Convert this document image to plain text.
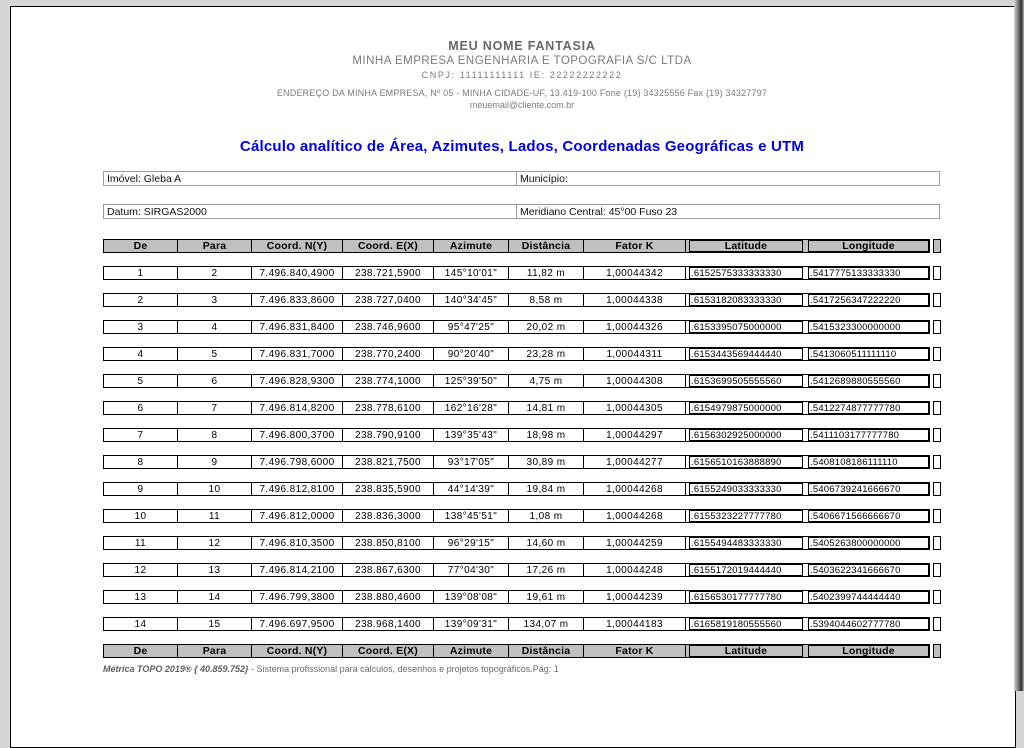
MEU NOME FANTASIA
MINHA EMPRESA ENGENHARIA E TOPOGRAFIA S/C LTDA
CNPJ: 11111111111 IE: 22222222222
ENDEREÇO DA MINHA EMPRESA, Nº 05 - MINHA CIDADE-UF, 13.419-100 Fone (19) 34325556 Fax (19) 34327797
meuemail@cliente.com.br
Cálculo analítico de Área, Azimutes, Lados, Coordenadas Geográficas e UTM
Imóvel: Gleba A	Município:
Datum: SIRGAS2000	Meridiano Central: 45°00 Fuso 23
De	Para	Coord. N(Y)	Coord. E(X)	Azimute	Distância	Fator K	Latitude	Longitude
1	2	7.496.840,4900	238.721,5900	145°10'01"	11,82 m	1,00044342	.6152575333333330	.5417775133333330
2	3	7.496.833,8600	238.727,0400	140°34'45"	8,58 m	1,00044338	.6153182083333330	.5417256347222220
3	4	7.496.831,8400	238.746,9600	95°47'25"	20,02 m	1,00044326	.6153395075000000	.5415323300000000
4	5	7.496.831,7000	238.770,2400	90°20'40"	23,28 m	1,00044311	.6153443569444440	.5413060511111110
5	6	7.496.828,9300	238.774,1000	125°39'50"	4,75 m	1,00044308	.6153699505555560	.5412689880555560
6	7	7.496.814,8200	238.778,6100	162°16'28"	14,81 m	1,00044305	.6154979875000000	.5412274877777780
7	8	7.496.800,3700	238.790,9100	139°35'43"	18,98 m	1,00044297	.6156302925000000	.5411103177777780
8	9	7.496.798,6000	238.821,7500	93°17'05"	30,89 m	1,00044277	.6156510163888890	.5408108186111110
9	10	7.496.812,8100	238.835,5900	44°14'39"	19,84 m	1,00044268	.6155249033333330	.5406739241666670
10	11	7.496.812,0000	238.836,3000	138°45'51"	1,08 m	1,00044268	.6155323227777780	.5406671566666670
11	12	7.496.810,3500	238.850,8100	96°29'15"	14,60 m	1,00044259	.6155494483333330	.5405263800000000
12	13	7.496.814,2100	238.867,6300	77°04'30"	17,26 m	1,00044248	.6155172019444440	.5403622341666670
13	14	7.496.799,3800	238.880,4600	139°08'08"	19,61 m	1,00044239	.6156530177777780	.5402399744444440
14	15	7.496.697,9500	238.968,1400	139°09'31"	134,07 m	1,00044183	.6165819180555560	.5394044602777780
De	Para	Coord. N(Y)	Coord. E(X)	Azimute	Distância	Fator K	Latitude	Longitude
Métrica TOPO 2019® { 40.859.752} - Sistema profissional para cálculos, desenhos e projetos topográficos.Pág: 1
